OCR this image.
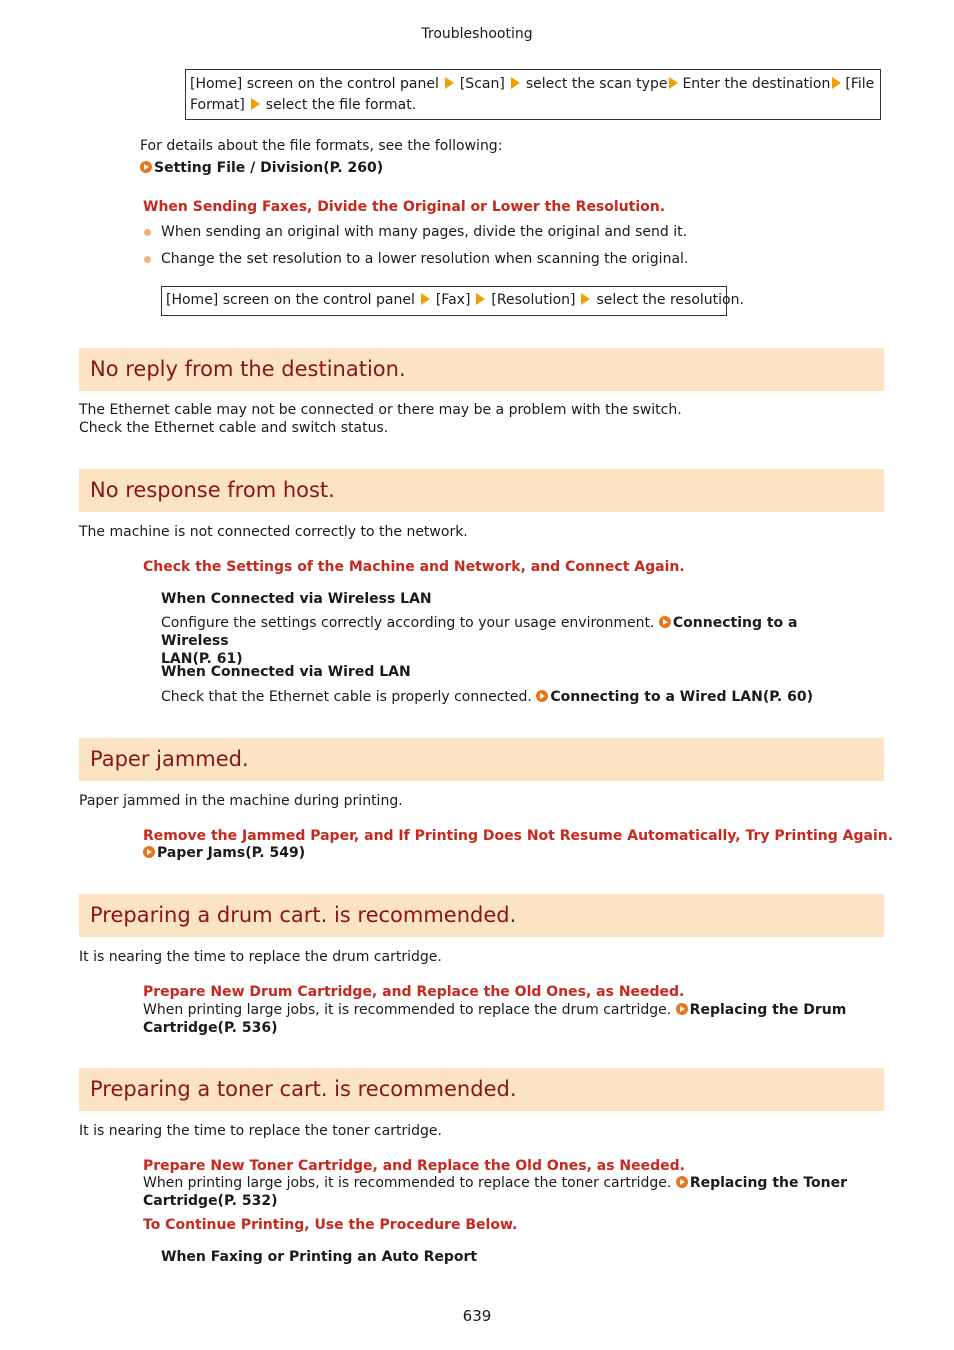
Troubleshooting
[Home] screen on the control panel [Scan] select the scan type Enter the destination [File
Format] select the file format.
For details about the file formats, see the following:
Setting File / Division(P. 260)
When Sending Faxes, Divide the Original or Lower the Resolution.
When sending an original with many pages, divide the original and send it.
Change the set resolution to a lower resolution when scanning the original.
[Home] screen on the control panel [Fax] [Resolution] select the resolution.
No reply from the destination.
The Ethernet cable may not be connected or there may be a problem with the switch.
Check the Ethernet cable and switch status.
No response from host.
The machine is not connected correctly to the network.
Check the Settings of the Machine and Network, and Connect Again.
When Connected via Wireless LAN
Configure the settings correctly according to your usage environment. Connecting to a Wireless
LAN(P. 61)
When Connected via Wired LAN
Check that the Ethernet cable is properly connected. Connecting to a Wired LAN(P. 60)
Paper jammed.
Paper jammed in the machine during printing.
Remove the Jammed Paper, and If Printing Does Not Resume Automatically, Try Printing Again.
Paper Jams(P. 549)
Preparing a drum cart. is recommended.
It is nearing the time to replace the drum cartridge.
Prepare New Drum Cartridge, and Replace the Old Ones, as Needed.
When printing large jobs, it is recommended to replace the drum cartridge. Replacing the Drum
Cartridge(P. 536)
Preparing a toner cart. is recommended.
It is nearing the time to replace the toner cartridge.
Prepare New Toner Cartridge, and Replace the Old Ones, as Needed.
When printing large jobs, it is recommended to replace the toner cartridge. Replacing the Toner
Cartridge(P. 532)
To Continue Printing, Use the Procedure Below.
When Faxing or Printing an Auto Report
639
